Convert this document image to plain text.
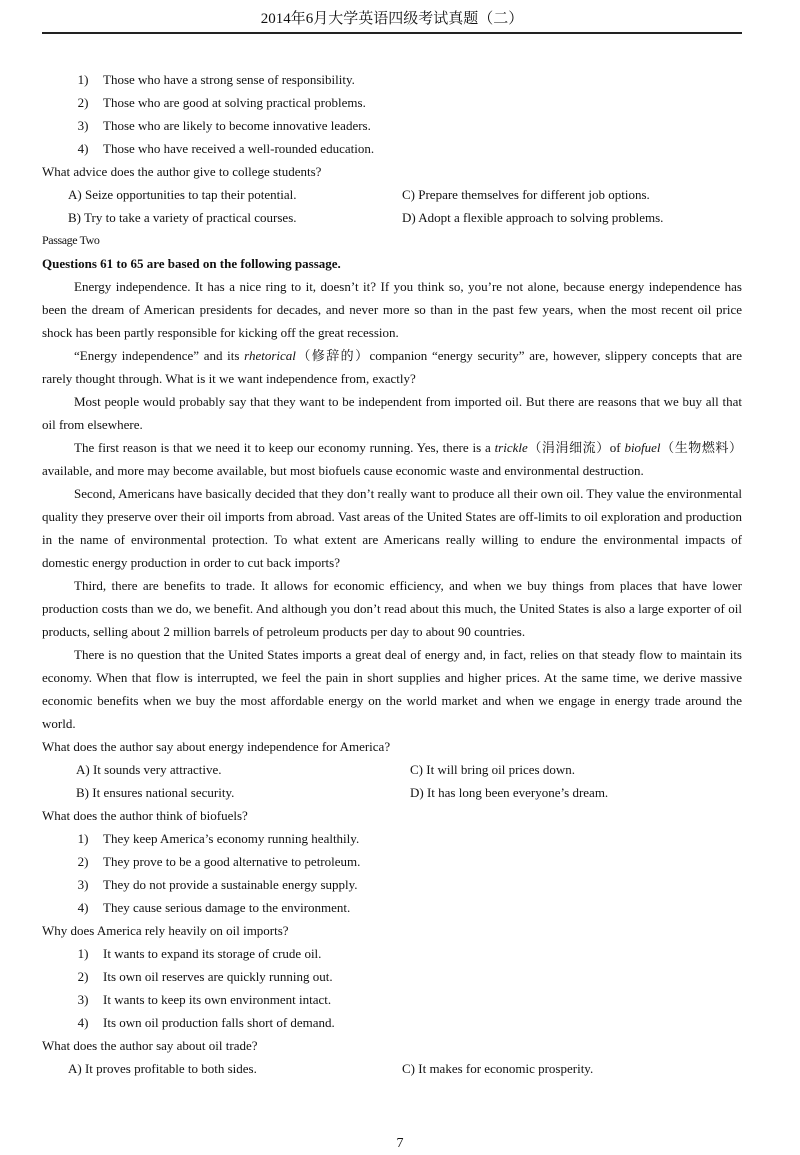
2014年6月大学英语四级考试真题（二）
1)	Those who have a strong sense of responsibility.
2)	Those who are good at solving practical problems.
3)	Those who are likely to become innovative leaders.
4)	Those who have received a well-rounded education.

What advice does the author give to college students?

A) Seize opportunities to tap their potential.	C) Prepare themselves for different job options.
B) Try to take a variety of practical courses.	D) Adopt a flexible approach to solving problems.

Passage Two

Questions 61 to 65 are based on the following passage.

Energy independence. It has a nice ring to it, doesn’t it? If you think so, you’re not alone, because energy independence has been the dream of American presidents for decades, and never more so than in the past few years, when the most recent oil price shock has been partly responsible for kicking off the great recession.

“Energy independence” and its rhetorical（修辞的）companion “energy security” are, however, slippery concepts that are rarely thought through. What is it we want independence from, exactly?

Most people would probably say that they want to be independent from imported oil. But there are reasons that we buy all that oil from elsewhere.

The first reason is that we need it to keep our economy running. Yes, there is a trickle（涓涓细流）of biofuel（生物燃料）available, and more may become available, but most biofuels cause economic waste and environmental destruction.

Second, Americans have basically decided that they don’t really want to produce all their own oil. They value the environmental quality they preserve over their oil imports from abroad. Vast areas of the United States are off-limits to oil exploration and production in the name of environmental protection. To what extent are Americans really willing to endure the environmental impacts of domestic energy production in order to cut back imports?

Third, there are benefits to trade. It allows for economic efficiency, and when we buy things from places that have lower production costs than we do, we benefit. And although you don’t read about this much, the United States is also a large exporter of oil products, selling about 2 million barrels of petroleum products per day to about 90 countries.

There is no question that the United States imports a great deal of energy and, in fact, relies on that steady flow to maintain its economy. When that flow is interrupted, we feel the pain in short supplies and higher prices. At the same time, we derive massive economic benefits when we buy the most affordable energy on the world market and when we engage in energy trade around the world.

What does the author say about energy independence for America?

A) It sounds very attractive.	C) It will bring oil prices down.
B) It ensures national security.	D) It has long been everyone’s dream.

What does the author think of biofuels?

1)	They keep America’s economy running healthily.
2)	They prove to be a good alternative to petroleum.
3)	They do not provide a sustainable energy supply.
4)	They cause serious damage to the environment.

Why does America rely heavily on oil imports?

1)	It wants to expand its storage of crude oil.
2)	Its own oil reserves are quickly running out.
3)	It wants to keep its own environment intact.
4)	Its own oil production falls short of demand.

What does the author say about oil trade?

A) It proves profitable to both sides.	C) It makes for economic prosperity.
7
